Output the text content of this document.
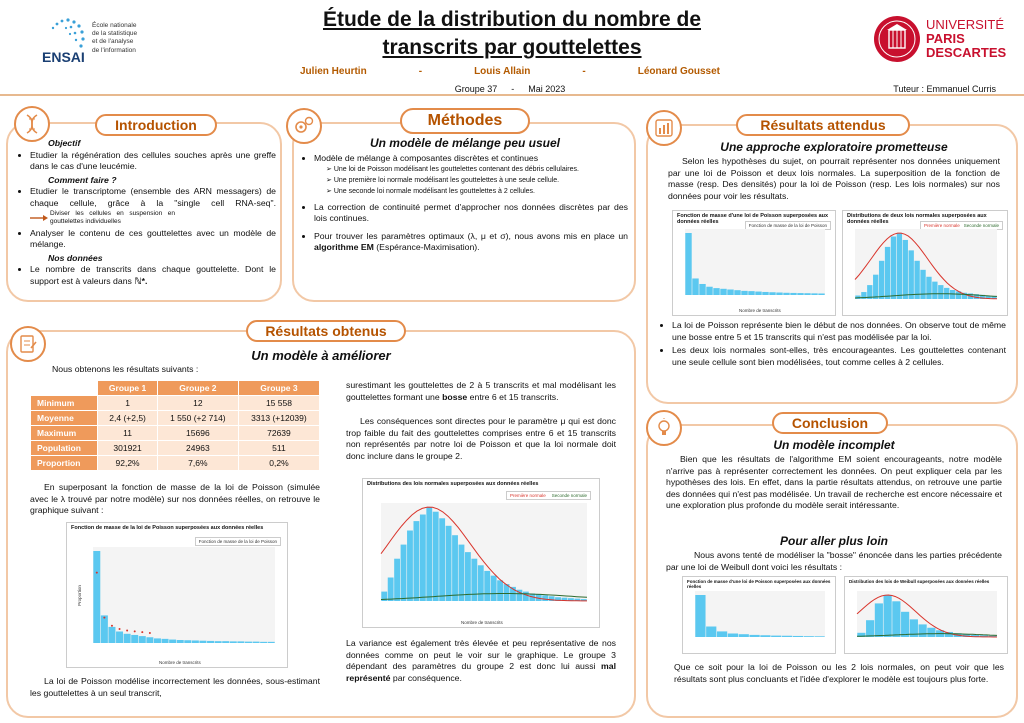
ENSAI
École nationale
de la statistique
et de l'analyse
de l'information
Étude de la distribution du nombre de
transcrits par gouttelettes
Julien Heurtin	-	Louis Allain	-	Léonard Gousset
Groupe 37 - Mai 2023	Tuteur : Emmanuel Curris
UNIVERSITÉ
PARIS
DESCARTES
Introduction
Objectif
• Etudier la régénération des cellules souches après une greffe dans le cas d'une leucémie.
Comment faire ?
• Etudier le transcriptome (ensemble des ARN messagers) de chaque cellule, grâce à la "single cell RNA-seq".
Diviser les cellules en suspension en gouttelettes individuelles
• Analyser le contenu de ces gouttelettes avec un modèle de mélange.
Nos données
• Le nombre de transcrits dans chaque gouttelette. Dont le support est à valeurs dans ℕ*.
Méthodes
Un modèle de mélange peu usuel
• Modèle de mélange à composantes discrètes et continues
➢ Une loi de Poisson modélisant les gouttelettes contenant des débris cellulaires.
➢ Une première loi normale modélisant les gouttelettes à une seule cellule.
➢ Une seconde loi normale modélisant les gouttelettes à 2 cellules.
• La correction de continuité permet d'approcher nos données discrètes par des lois continues.
• Pour trouver les paramètres optimaux (λ, μ et σ), nous avons mis en place un algorithme EM (Espérance-Maximisation).
Résultats attendus
Une approche exploratoire prometteuse
Selon les hypothèses du sujet, on pourrait représenter nos données uniquement par une loi de Poisson et deux lois normales. La superposition de la fonction de masse (resp. Des densités) pour la loi de Poisson (resp. Les lois normales) sur nos données pour voir les résultats.
Fonction de masse d'une loi de Poisson superposées aux données réelles
Fonction de masse de la loi de Poisson
Nombre de transcrits
Distributions de deux lois normales superposées aux données réelles
Première normale Seconde normale
• La loi de Poisson représente bien le début de nos données. On observe tout de même une bosse entre 5 et 15 transcrits qui n'est pas modélisée par la loi.
• Les deux lois normales sont-elles, très encourageantes. Les gouttelettes contenant une seule cellule sont bien modélisées, tout comme celles à 2 cellules.
Résultats obtenus
Un modèle à améliorer
Nous obtenons les résultats suivants :
	Groupe 1	Groupe 2	Groupe 3
Minimum	1	12	15 558
Moyenne	2,4 (+2,5)	1 550 (+2 714)	3313 (+12039)
Maximum	11	15696	72639
Population	301921	24963	511
Proportion	92,2%	7,6%	0,2%
En superposant la fonction de masse de la loi de Poisson (simulée avec le λ trouvé par notre modèle) sur nos données réelles, on retrouve le graphique suivant :
Fonction de masse de la loi de Poisson superposées aux données réelles
Fonction de masse de la loi de Poisson
Proportion
Nombre de transcrits
La loi de Poisson modélise incorrectement les données, sous-estimant les gouttelettes à un seul transcrit,
surestimant les gouttelettes de 2 à 5 transcrits et mal modélisant les gouttelettes formant une bosse entre 6 et 15 transcrits.
Les conséquences sont directes pour le paramètre μ qui est donc trop faible du fait des gouttelettes comprises entre 6 et 15 transcrits non représentés par notre loi de Poisson et que la loi normale doit donc inclure dans le groupe 2.
Distributions des lois normales superposées aux données réelles
Première normale Seconde normale
Nombre de transcrits
La variance est également très élevée et peu représentative de nos données comme on peut le voir sur le graphique. Le groupe 3 dépendant des paramètres du groupe 2 est donc lui aussi mal représenté par conséquence.
Conclusion
Un modèle incomplet
Bien que les résultats de l'algorithme EM soient encourageants, notre modèle n'arrive pas à représenter correctement les données. On peut expliquer cela par les hypothèses des lois. En effet, dans la partie résultats attendus, on retrouve une partie des données qui n'est pas modélisée. Un travail de recherche est encore nécessaire et une exploration plus profonde du modèle serait intéressante.
Pour aller plus loin
Nous avons tenté de modéliser la "bosse" énoncée dans les parties précédente par une loi de Weibull dont voici les résultats :
Fonction de masse d'une loi de Poisson superposées aux données réelles
Distribution des lois de Weibull superposées aux données réelles
Que ce soit pour la loi de Poisson ou les 2 lois normales, on peut voir que les résultats sont plus concluants et l'idée d'explorer le modèle est toujours plus forte.
